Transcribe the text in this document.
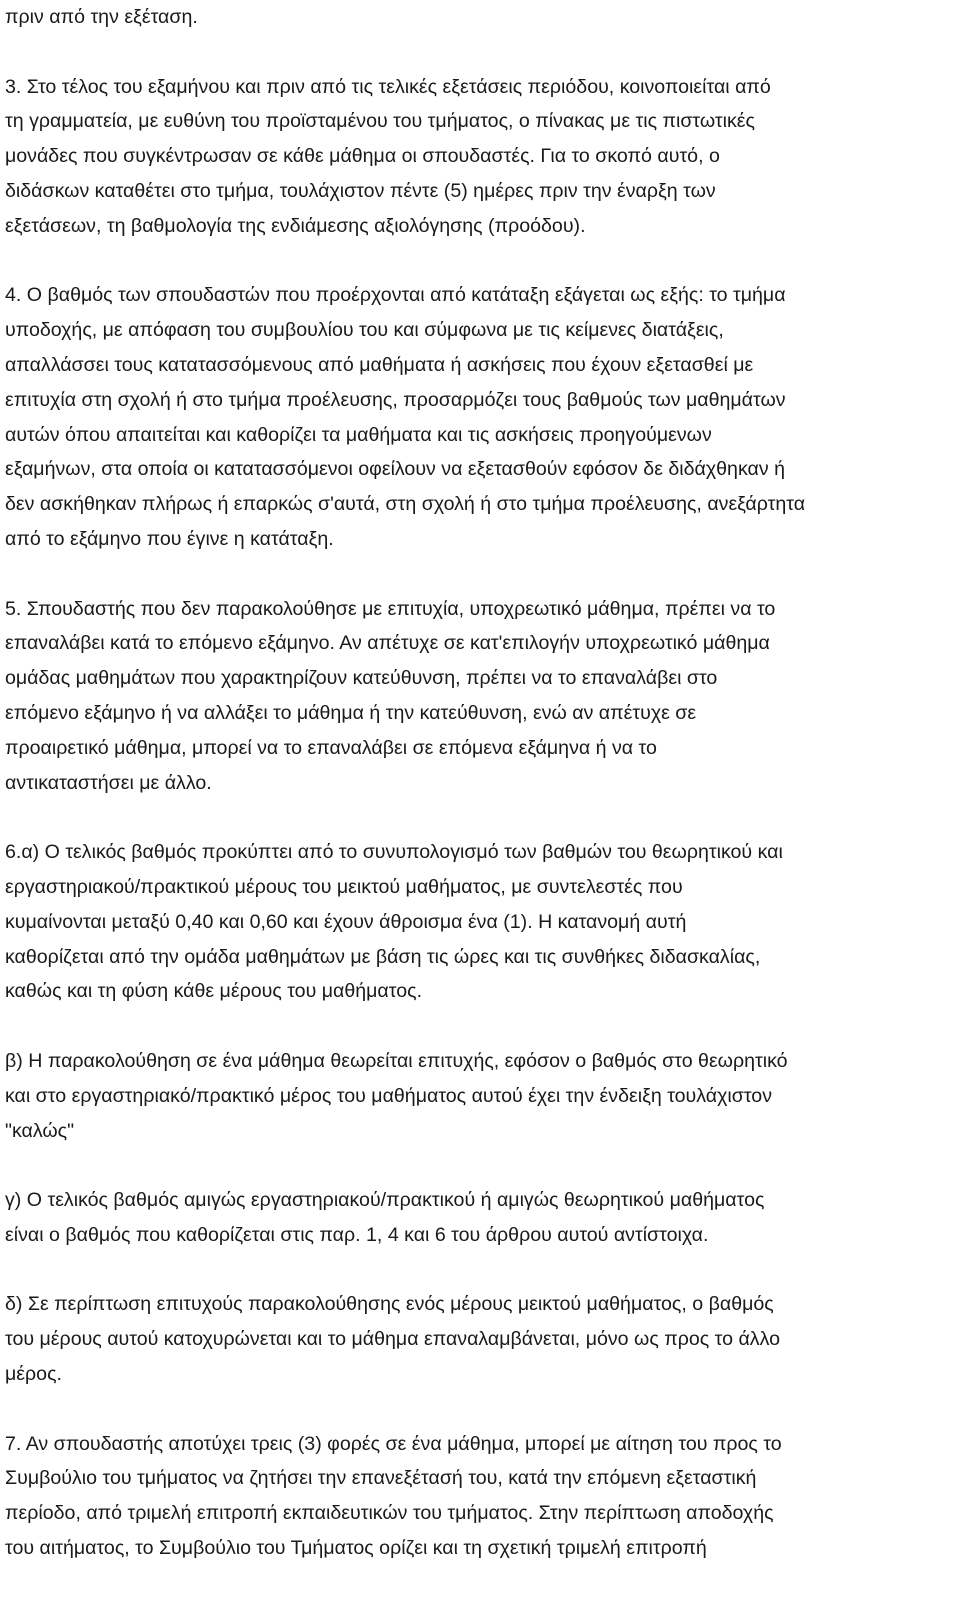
πριν από την εξέταση.

3. Στο τέλος του εξαμήνου και πριν από τις τελικές εξετάσεις περιόδου, κοινοποιείται από
τη γραμματεία, με ευθύνη του προϊσταμένου του τμήματος, ο πίνακας με τις πιστωτικές
μονάδες που συγκέντρωσαν σε κάθε μάθημα οι σπουδαστές. Για το σκοπό αυτό, ο
διδάσκων καταθέτει στο τμήμα, τουλάχιστον πέντε (5) ημέρες πριν την έναρξη των
εξετάσεων, τη βαθμολογία της ενδιάμεσης αξιολόγησης (προόδου).

4. Ο βαθμός των σπουδαστών που προέρχονται από κατάταξη εξάγεται ως εξής: το τμήμα
υποδοχής, με απόφαση του συμβουλίου του και σύμφωνα με τις κείμενες διατάξεις,
απαλλάσσει τους κατατασσόμενους από μαθήματα ή ασκήσεις που έχουν εξετασθεί με
επιτυχία στη σχολή ή στο τμήμα προέλευσης, προσαρμόζει τους βαθμούς των μαθημάτων
αυτών όπου απαιτείται και καθορίζει τα μαθήματα και τις ασκήσεις προηγούμενων
εξαμήνων, στα οποία οι κατατασσόμενοι οφείλουν να εξετασθούν εφόσον δε διδάχθηκαν ή
δεν ασκήθηκαν πλήρως ή επαρκώς σ'αυτά, στη σχολή ή στο τμήμα προέλευσης, ανεξάρτητα
από το εξάμηνο που έγινε η κατάταξη.

5. Σπουδαστής που δεν παρακολούθησε με επιτυχία, υποχρεωτικό μάθημα, πρέπει να το
επαναλάβει κατά το επόμενο εξάμηνο. Αν απέτυχε σε κατ'επιλογήν υποχρεωτικό μάθημα
ομάδας μαθημάτων που χαρακτηρίζουν κατεύθυνση, πρέπει να το επαναλάβει στο
επόμενο εξάμηνο ή να αλλάξει το μάθημα ή την κατεύθυνση, ενώ αν απέτυχε σε
προαιρετικό μάθημα, μπορεί να το επαναλάβει σε επόμενα εξάμηνα ή να το
αντικαταστήσει με άλλο.

6.α) Ο τελικός βαθμός προκύπτει από το συνυπολογισμό των βαθμών του θεωρητικού και
εργαστηριακού/πρακτικού μέρους του μεικτού μαθήματος, με συντελεστές που
κυμαίνονται μεταξύ 0,40 και 0,60 και έχουν άθροισμα ένα (1). Η κατανομή αυτή
καθορίζεται από την ομάδα μαθημάτων με βάση τις ώρες και τις συνθήκες διδασκαλίας,
καθώς και τη φύση κάθε μέρους του μαθήματος.

β) Η παρακολούθηση σε ένα μάθημα θεωρείται επιτυχής, εφόσον ο βαθμός στο θεωρητικό
και στο εργαστηριακό/πρακτικό μέρος του μαθήματος αυτού έχει την ένδειξη τουλάχιστον
"καλώς"

γ) Ο τελικός βαθμός αμιγώς εργαστηριακού/πρακτικού ή αμιγώς θεωρητικού μαθήματος
είναι ο βαθμός που καθορίζεται στις παρ. 1, 4 και 6 του άρθρου αυτού αντίστοιχα.

δ) Σε περίπτωση επιτυχούς παρακολούθησης ενός μέρους μεικτού μαθήματος, ο βαθμός
του μέρους αυτού κατοχυρώνεται και το μάθημα επαναλαμβάνεται, μόνο ως προς το άλλο
μέρος.

7. Αν σπουδαστής αποτύχει τρεις (3) φορές σε ένα μάθημα, μπορεί με αίτηση του προς το
Συμβούλιο του τμήματος να ζητήσει την επανεξέτασή του, κατά την επόμενη εξεταστική
περίοδο, από τριμελή επιτροπή εκπαιδευτικών του τμήματος. Στην περίπτωση αποδοχής
του αιτήματος, το Συμβούλιο του Τμήματος ορίζει και τη σχετική τριμελή επιτροπή
